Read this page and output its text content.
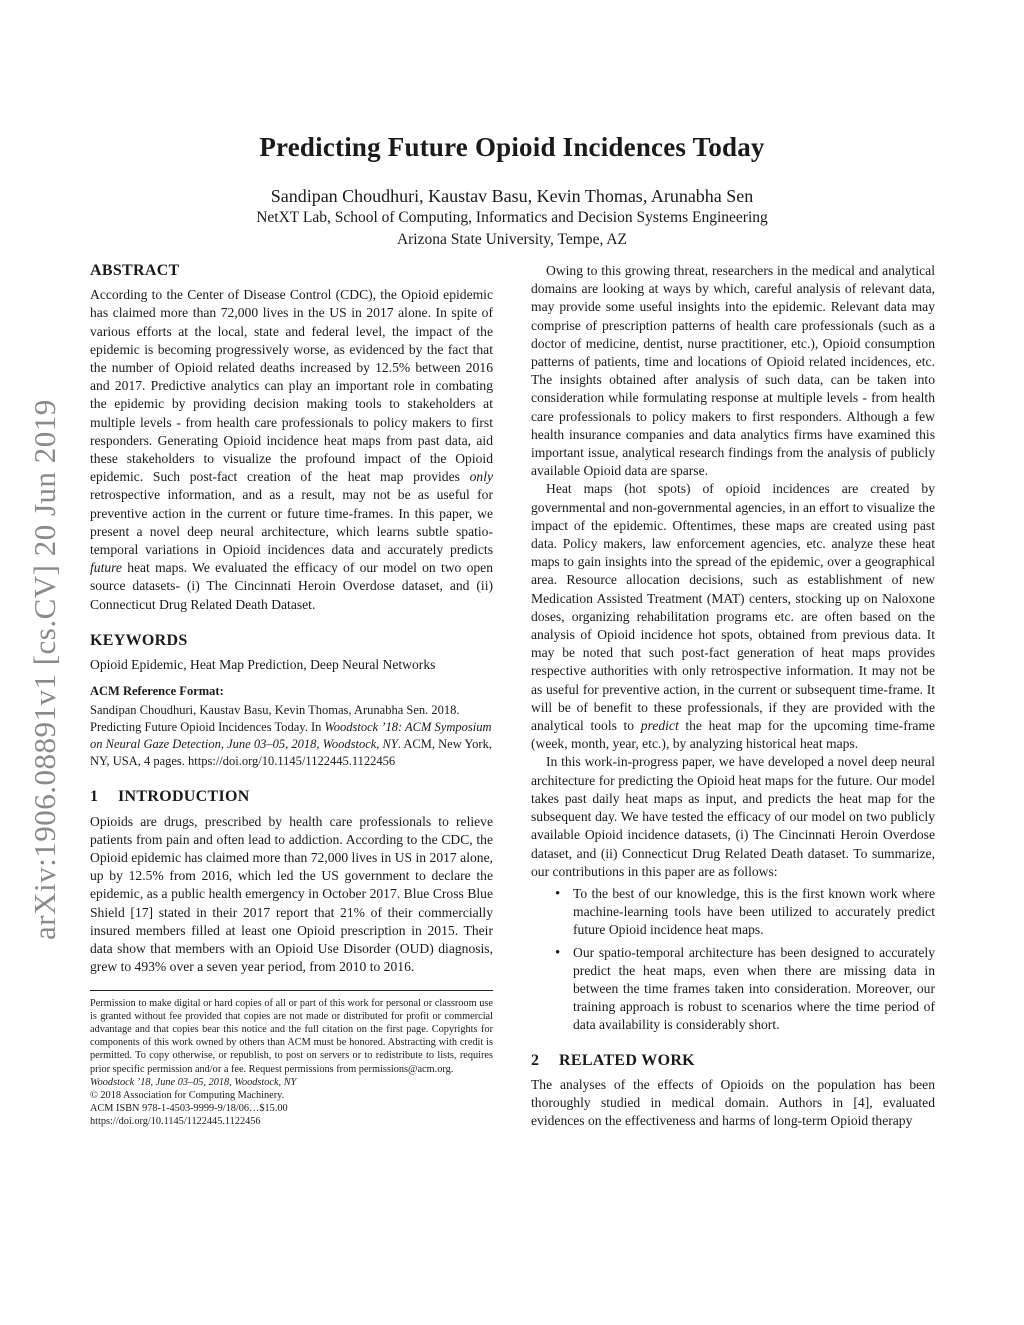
arXiv:1906.08891v1 [cs.CV] 20 Jun 2019
Predicting Future Opioid Incidences Today
Sandipan Choudhuri, Kaustav Basu, Kevin Thomas, Arunabha Sen
NetXT Lab, School of Computing, Informatics and Decision Systems Engineering
Arizona State University, Tempe, AZ
ABSTRACT

According to the Center of Disease Control (CDC), the Opioid epidemic has claimed more than 72,000 lives in the US in 2017 alone. In spite of various efforts at the local, state and federal level, the impact of the epidemic is becoming progressively worse, as evidenced by the fact that the number of Opioid related deaths increased by 12.5% between 2016 and 2017. Predictive analytics can play an important role in combating the epidemic by providing decision making tools to stakeholders at multiple levels - from health care professionals to policy makers to first responders. Generating Opioid incidence heat maps from past data, aid these stakeholders to visualize the profound impact of the Opioid epidemic. Such post-fact creation of the heat map provides only retrospective information, and as a result, may not be as useful for preventive action in the current or future time-frames. In this paper, we present a novel deep neural architecture, which learns subtle spatio-temporal variations in Opioid incidences data and accurately predicts future heat maps. We evaluated the efficacy of our model on two open source datasets- (i) The Cincinnati Heroin Overdose dataset, and (ii) Connecticut Drug Related Death Dataset.

KEYWORDS

Opioid Epidemic, Heat Map Prediction, Deep Neural Networks

ACM Reference Format:

Sandipan Choudhuri, Kaustav Basu, Kevin Thomas, Arunabha Sen. 2018. Predicting Future Opioid Incidences Today. In Woodstock ’18: ACM Symposium on Neural Gaze Detection, June 03–05, 2018, Woodstock, NY. ACM, New York, NY, USA, 4 pages. https://doi.org/10.1145/1122445.1122456

1 INTRODUCTION

Opioids are drugs, prescribed by health care professionals to relieve patients from pain and often lead to addiction. According to the CDC, the Opioid epidemic has claimed more than 72,000 lives in US in 2017 alone, up by 12.5% from 2016, which led the US government to declare the epidemic, as a public health emergency in October 2017. Blue Cross Blue Shield [17] stated in their 2017 report that 21% of their commercially insured members filled at least one Opioid prescription in 2015. Their data show that members with an Opioid Use Disorder (OUD) diagnosis, grew to 493% over a seven year period, from 2010 to 2016.

Permission to make digital or hard copies of all or part of this work for personal or classroom use is granted without fee provided that copies are not made or distributed for profit or commercial advantage and that copies bear this notice and the full citation on the first page. Copyrights for components of this work owned by others than ACM must be honored. Abstracting with credit is permitted. To copy otherwise, or republish, to post on servers or to redistribute to lists, requires prior specific permission and/or a fee. Request permissions from permissions@acm.org.

Woodstock ’18, June 03–05, 2018, Woodstock, NY

© 2018 Association for Computing Machinery.

ACM ISBN 978-1-4503-9999-9/18/06…$15.00

https://doi.org/10.1145/1122445.1122456

Owing to this growing threat, researchers in the medical and analytical domains are looking at ways by which, careful analysis of relevant data, may provide some useful insights into the epidemic. Relevant data may comprise of prescription patterns of health care professionals (such as a doctor of medicine, dentist, nurse practitioner, etc.), Opioid consumption patterns of patients, time and locations of Opioid related incidences, etc. The insights obtained after analysis of such data, can be taken into consideration while formulating response at multiple levels - from health care professionals to policy makers to first responders. Although a few health insurance companies and data analytics firms have examined this important issue, analytical research findings from the analysis of publicly available Opioid data are sparse.

Heat maps (hot spots) of opioid incidences are created by governmental and non-governmental agencies, in an effort to visualize the impact of the epidemic. Oftentimes, these maps are created using past data. Policy makers, law enforcement agencies, etc. analyze these heat maps to gain insights into the spread of the epidemic, over a geographical area. Resource allocation decisions, such as establishment of new Medication Assisted Treatment (MAT) centers, stocking up on Naloxone doses, organizing rehabilitation programs etc. are often based on the analysis of Opioid incidence hot spots, obtained from previous data. It may be noted that such post-fact generation of heat maps provides respective authorities with only retrospective information. It may not be as useful for preventive action, in the current or subsequent time-frame. It will be of benefit to these professionals, if they are provided with the analytical tools to predict the heat map for the upcoming time-frame (week, month, year, etc.), by analyzing historical heat maps.

In this work-in-progress paper, we have developed a novel deep neural architecture for predicting the Opioid heat maps for the future. Our model takes past daily heat maps as input, and predicts the heat map for the subsequent day. We have tested the efficacy of our model on two publicly available Opioid incidence datasets, (i) The Cincinnati Heroin Overdose dataset, and (ii) Connecticut Drug Related Death dataset. To summarize, our contributions in this paper are as follows:

• To the best of our knowledge, this is the first known work where machine-learning tools have been utilized to accurately predict future Opioid incidence heat maps.
• Our spatio-temporal architecture has been designed to accurately predict the heat maps, even when there are missing data in between the time frames taken into consideration. Moreover, our training approach is robust to scenarios where the time period of data availability is considerably short.
2 RELATED WORK

The analyses of the effects of Opioids on the population has been thoroughly studied in medical domain. Authors in [4], evaluated evidences on the effectiveness and harms of long-term Opioid therapy
